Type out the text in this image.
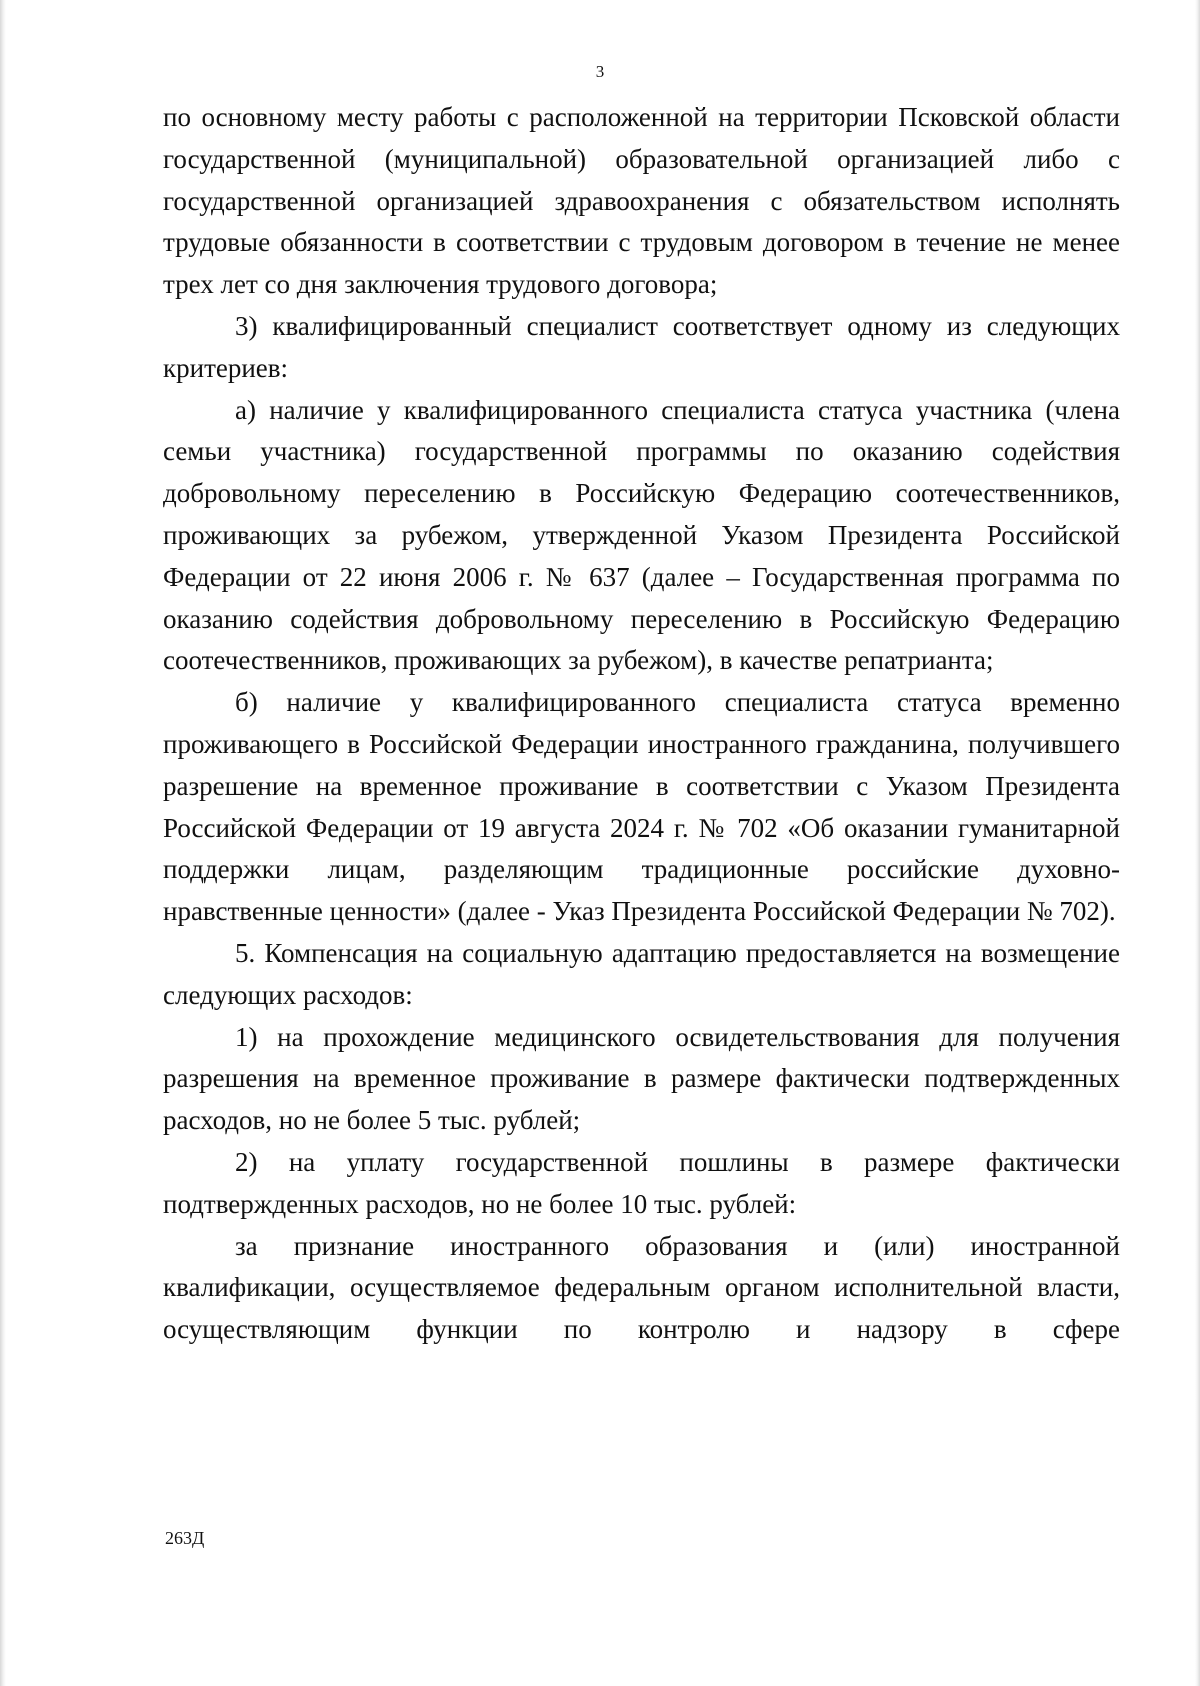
3

по основному месту работы с расположенной на территории Псковской области государственной (муниципальной) образовательной организацией либо с государственной организацией здравоохранения с обязательством исполнять трудовые обязанности в соответствии с трудовым договором в течение не менее трех лет со дня заключения трудового договора;

3) квалифицированный специалист соответствует одному из следующих критериев:

а) наличие у квалифицированного специалиста статуса участника (члена семьи участника) государственной программы по оказанию содействия добровольному переселению в Российскую Федерацию соотечественников, проживающих за рубежом, утвержденной Указом Президента Российской Федерации от 22 июня 2006 г. № 637 (далее – Государственная программа по оказанию содействия добровольному переселению в Российскую Федерацию соотечественников, проживающих за рубежом), в качестве репатрианта;

б) наличие у квалифицированного специалиста статуса временно проживающего в Российской Федерации иностранного гражданина, получившего разрешение на временное проживание в соответствии с Указом Президента Российской Федерации от 19 августа 2024 г. № 702 «Об оказании гуманитарной поддержки лицам, разделяющим традиционные российские духовно-нравственные ценности» (далее - Указ Президента Российской Федерации № 702).

5. Компенсация на социальную адаптацию предоставляется на возмещение следующих расходов:

1) на прохождение медицинского освидетельствования для получения разрешения на временное проживание в размере фактически подтвержденных расходов, но не более 5 тыс. рублей;

2) на уплату государственной пошлины в размере фактически подтвержденных расходов, но не более 10 тыс. рублей:

за признание иностранного образования и (или) иностранной квалификации, осуществляемое федеральным органом исполнительной власти, осуществляющим функции по контролю и надзору в сфере

263Д
